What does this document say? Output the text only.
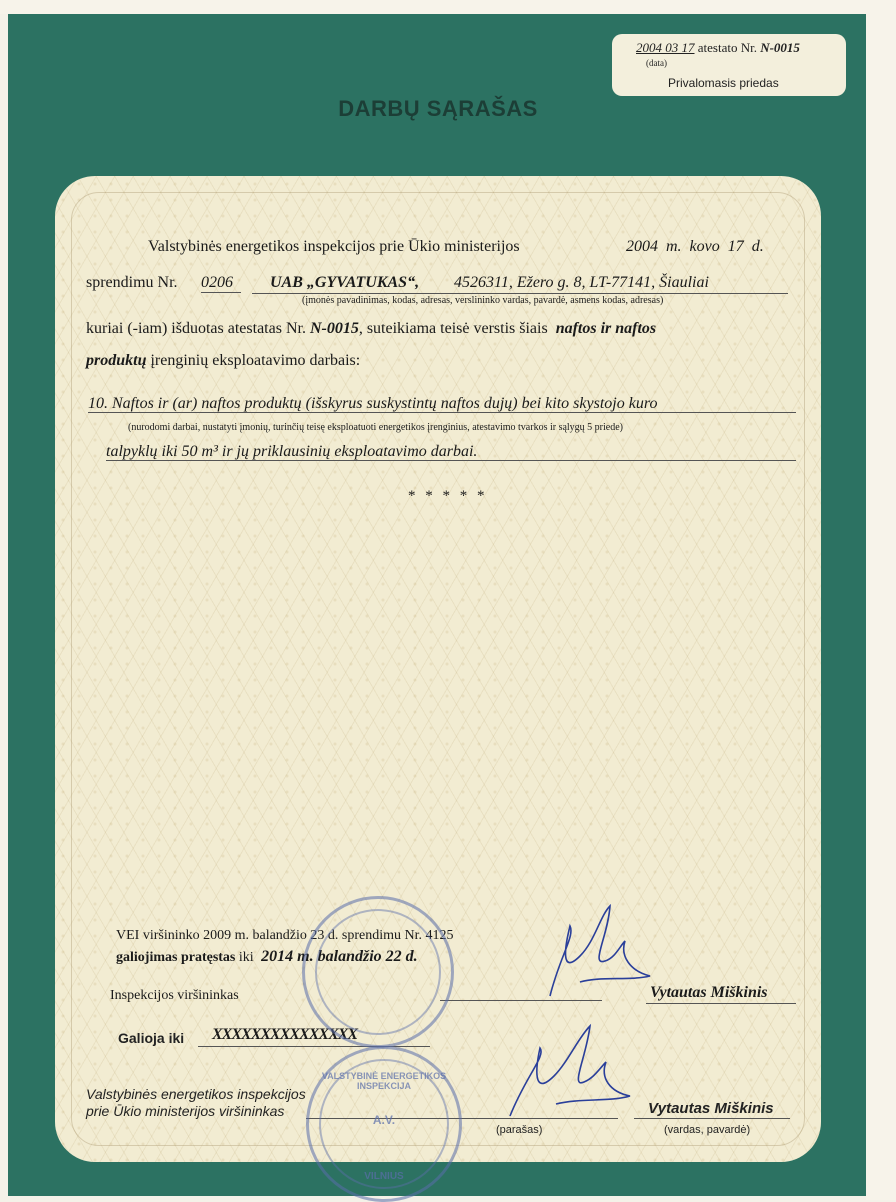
2004 03 17 atestato Nr. N-0015
(data)
Privalomasis priedas
DARBŲ SĄRAŠAS
Valstybinės energetikos inspekcijos prie Ūkio ministerijos	2004 m. kovo 17 d.
sprendimu Nr. 0206	UAB „GYVATUKAS“, 4526311, Ežero g. 8, LT-77141, Šiauliai
(įmonės pavadinimas, kodas, adresas, verslininko vardas, pavardė, asmens kodas, adresas)
kuriai (-iam) išduotas atestatas Nr. N-0015, suteikiama teisė verstis šiais naftos ir naftos
produktų įrenginių eksploatavimo darbais:
10. Naftos ir (ar) naftos produktų (išskyrus suskystintų naftos dujų) bei kito skystojo kuro
(nurodomi darbai, nustatyti įmonių, turinčių teisę eksploatuoti energetikos įrenginius, atestavimo tvarkos ir sąlygų 5 priede)
talpyklų iki 50 m³ ir jų priklausinių eksploatavimo darbai.
* * * * *
VEI viršininko 2009 m. balandžio 23 d. sprendimu Nr. 4125
galiojimas pratęstas iki 2014 m. balandžio 22 d.
Inspekcijos viršininkas	Vytautas Miškinis
Galioja iki XXXXXXXXXXXXXXX
Valstybinės energetikos inspekcijos
prie Ūkio ministerijos viršininkas
(parašas)
Vytautas Miškinis
(vardas, pavardė)
VALSTYBINĖ ENERGETIKOS INSPEKCIJA
A.V.
VILNIUS
